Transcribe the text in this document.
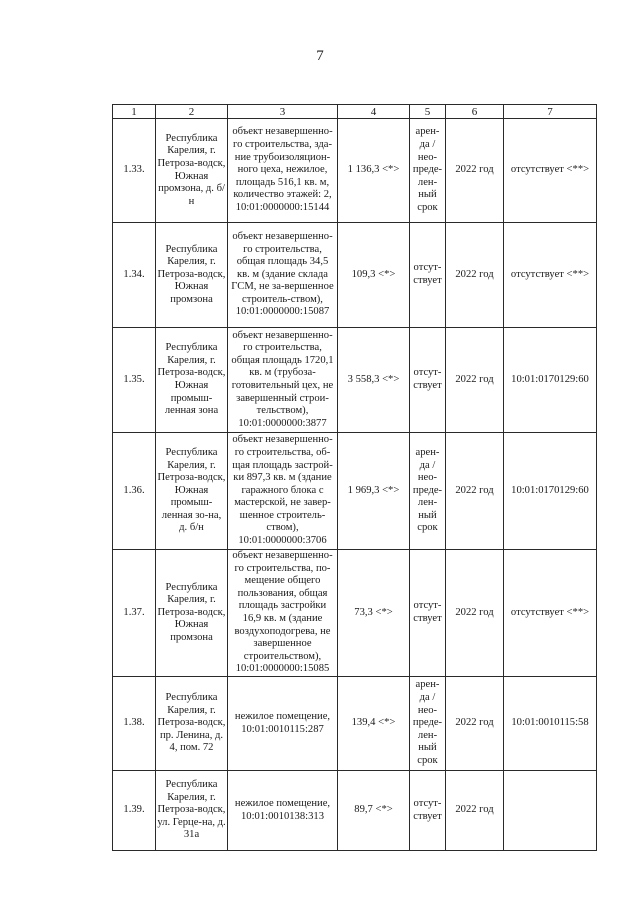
7
1	2	3	4	5	6	7
1.33.	Республика Карелия, г. Петроза-водск, Южная промзона, д. б/н	объект незавершенно-го строительства, зда-ние трубоизоляцион-ного цеха, нежилое, площадь 516,1 кв. м, количество этажей: 2, 10:01:0000000:15144	1 136,3 <*>	арен-да / нео-преде-лен-ный срок	2022 год	отсутствует <**>
1.34.	Республика Карелия, г. Петроза-водск, Южная промзона	объект незавершенно-го строительства, общая площадь 34,5 кв. м (здание склада ГСМ, не за-вершенное строитель-ством), 10:01:0000000:15087	109,3 <*>	отсут-ствует	2022 год	отсутствует <**>
1.35.	Республика Карелия, г. Петроза-водск, Южная промыш-ленная зона	объект незавершенно-го строительства, общая площадь 1720,1 кв. м (трубоза-готовительный цех, не завершенный строи-тельством), 10:01:0000000:3877	3 558,3 <*>	отсут-ствует	2022 год	10:01:0170129:60
1.36.	Республика Карелия, г. Петроза-водск, Южная промыш-ленная зо-на, д. б/н	объект незавершенно-го строительства, об-щая площадь застрой-ки 897,3 кв. м (здание гаражного блока с мастерской, не завер-шенное строитель-ством), 10:01:0000000:3706	1 969,3 <*>	арен-да / нео-преде-лен-ный срок	2022 год	10:01:0170129:60
1.37.	Республика Карелия, г. Петроза-водск, Южная промзона	объект незавершенно-го строительства, по-мещение общего пользования, общая площадь застройки 16,9 кв. м (здание воздухоподогрева, не завершенное строительством), 10:01:0000000:15085	73,3 <*>	отсут-ствует	2022 год	отсутствует <**>
1.38.	Республика Карелия, г. Петроза-водск, пр. Ленина, д. 4, пом. 72	нежилое помещение, 10:01:0010115:287	139,4 <*>	арен-да / нео-преде-лен-ный срок	2022 год	10:01:0010115:58
1.39.	Республика Карелия, г. Петроза-водск, ул. Герце-на, д. 31а	нежилое помещение, 10:01:0010138:313	89,7 <*>	отсут-ствует	2022 год	
